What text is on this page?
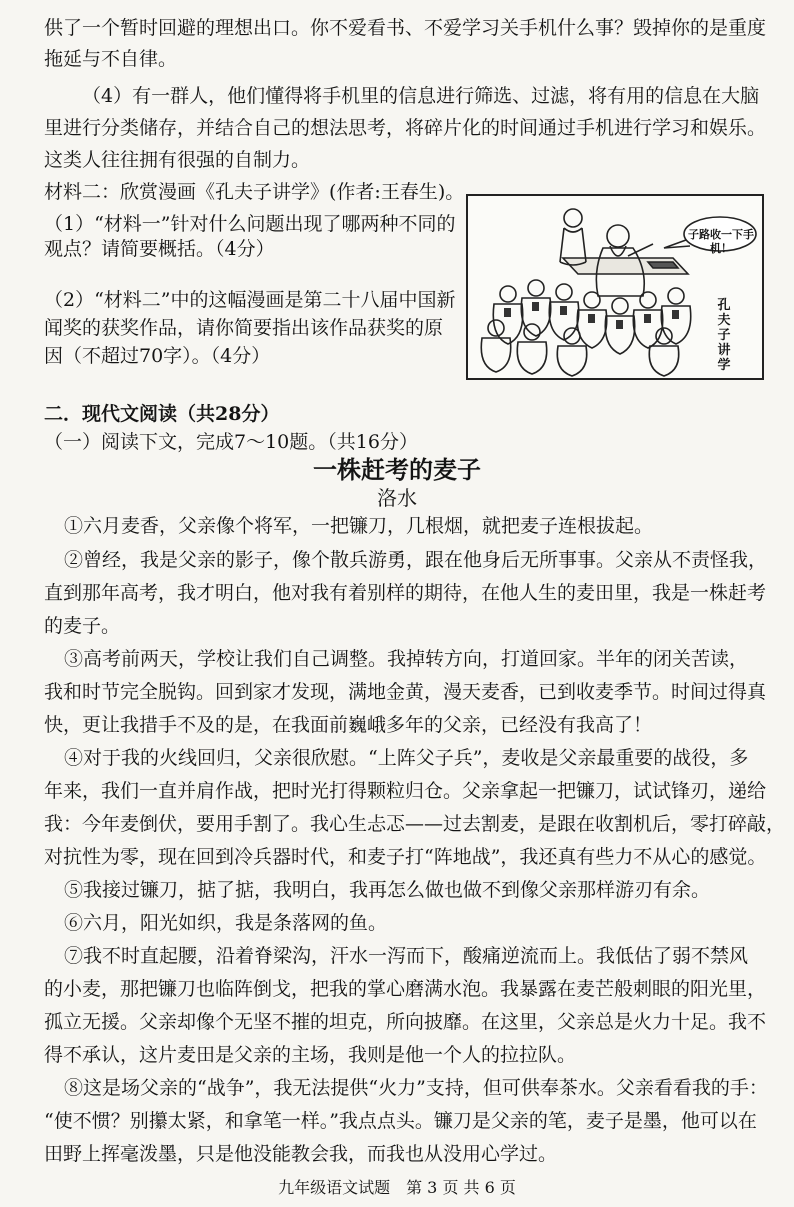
供了一个暂时回避的理想出口。你不爱看书、不爱学习关手机什么事？毁掉你的是重度

拖延与不自律。

（4）有一群人，他们懂得将手机里的信息进行筛选、过滤，将有用的信息在大脑

里进行分类储存，并结合自己的想法思考，将碎片化的时间通过手机进行学习和娱乐。

这类人往往拥有很强的自制力。

材料二：欣赏漫画《孔夫子讲学》(作者:王春生)。

（1）“材料一”针对什么问题出现了哪两种不同的

观点？请简要概括。（4分）

（2）“材料二”中的这幅漫画是第二十八届中国新

闻奖的获奖作品，请你简要指出该作品获奖的原

因（不超过70字）。（4分）

子路收一下手机！
孔夫子讲学

二．现代文阅读（共28分）

（一）阅读下文，完成7～10题。（共16分）

一株赶考的麦子

洛水

①六月麦香，父亲像个将军，一把镰刀，几根烟，就把麦子连根拔起。

②曾经，我是父亲的影子，像个散兵游勇，跟在他身后无所事事。父亲从不责怪我，

直到那年高考，我才明白，他对我有着别样的期待，在他人生的麦田里，我是一株赶考

的麦子。

③高考前两天，学校让我们自己调整。我掉转方向，打道回家。半年的闭关苦读，

我和时节完全脱钩。回到家才发现，满地金黄，漫天麦香，已到收麦季节。时间过得真

快，更让我措手不及的是，在我面前巍峨多年的父亲，已经没有我高了！

④对于我的火线回归，父亲很欣慰。“上阵父子兵”，麦收是父亲最重要的战役，多

年来，我们一直并肩作战，把时光打得颗粒归仓。父亲拿起一把镰刀，试试锋刃，递给

我：今年麦倒伏，要用手割了。我心生忐忑——过去割麦，是跟在收割机后，零打碎敲，

对抗性为零，现在回到冷兵器时代，和麦子打“阵地战”，我还真有些力不从心的感觉。

⑤我接过镰刀，掂了掂，我明白，我再怎么做也做不到像父亲那样游刃有余。

⑥六月，阳光如织，我是条落网的鱼。

⑦我不时直起腰，沿着脊梁沟，汗水一泻而下，酸痛逆流而上。我低估了弱不禁风

的小麦，那把镰刀也临阵倒戈，把我的掌心磨满水泡。我暴露在麦芒般刺眼的阳光里，

孤立无援。父亲却像个无坚不摧的坦克，所向披靡。在这里，父亲总是火力十足。我不

得不承认，这片麦田是父亲的主场，我则是他一个人的拉拉队。

⑧这是场父亲的“战争”，我无法提供“火力”支持，但可供奉茶水。父亲看看我的手：

“使不惯？别攥太紧，和拿笔一样。”我点点头。镰刀是父亲的笔，麦子是墨，他可以在

田野上挥毫泼墨，只是他没能教会我，而我也从没用心学过。

九年级语文试题　第 3 页 共 6 页
